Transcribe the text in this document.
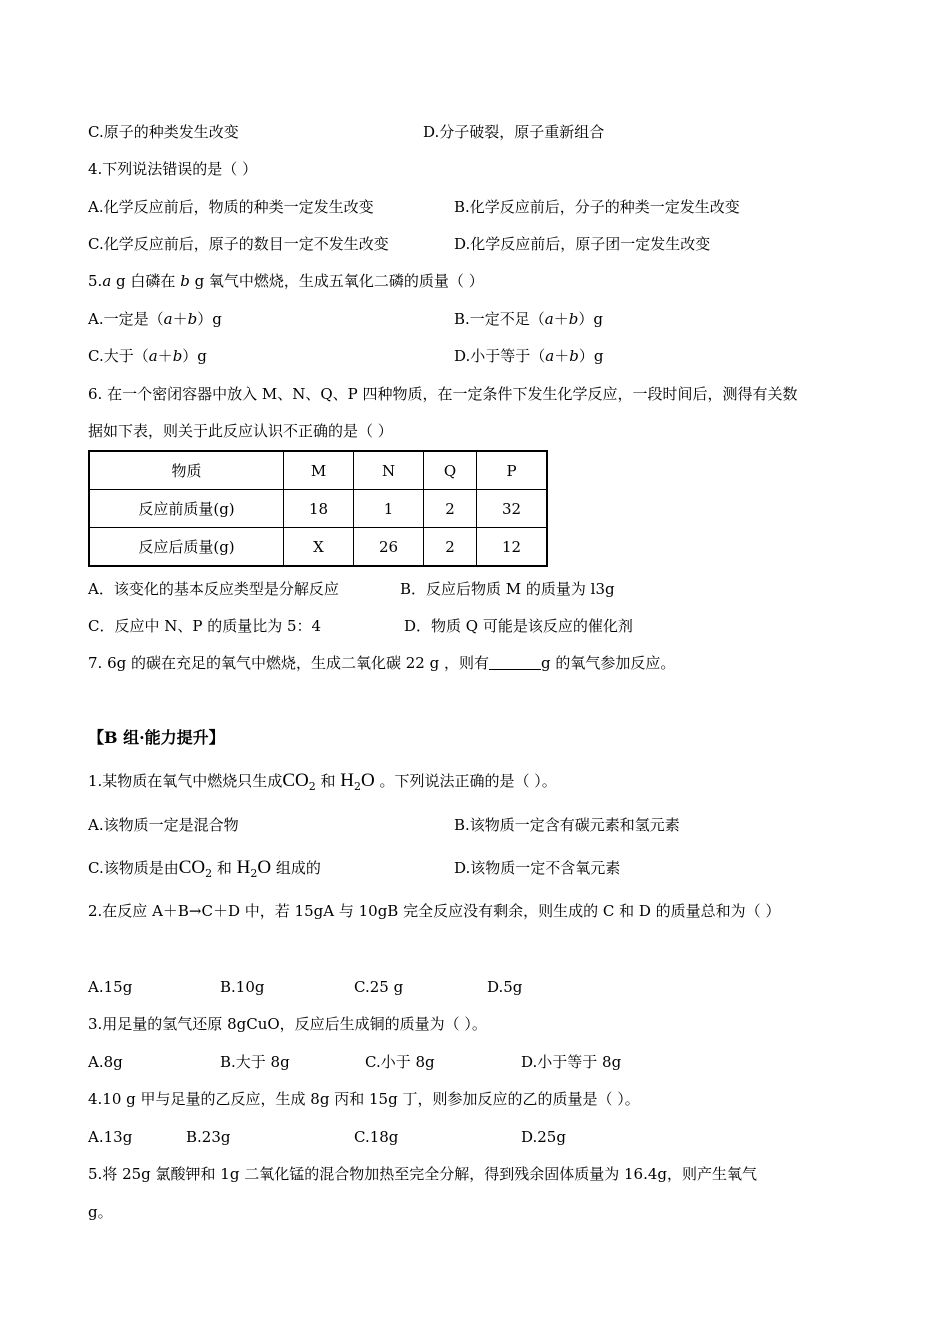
C.原子的种类发生改变	D.分子破裂，原子重新组合
4.下列说法错误的是（ ）
A.化学反应前后，物质的种类一定发生改变	B.化学反应前后，分子的种类一定发生改变
C.化学反应前后，原子的数目一定不发生改变	D.化学反应前后，原子团一定发生改变
5.a g 白磷在 b g 氧气中燃烧，生成五氧化二磷的质量（ ）
A.一定是（a＋b）g	B.一定不足（a＋b）g
C.大于（a＋b）g	D.小于等于（a＋b）g
6. 在一个密闭容器中放入 M、N、Q、P 四种物质，在一定条件下发生化学反应，一段时间后，测得有关数
据如下表，则关于此反应认识不正确的是（ ）
物质	M	N	Q	P
反应前质量(g)	18	1	2	32
反应后质量(g)	X	26	2	12
A．该变化的基本反应类型是分解反应	B．反应后物质 M 的质量为 l3g
C．反应中 N、P 的质量比为 5：4	D．物质 Q 可能是该反应的催化剂
7. 6g 的碳在充足的氧气中燃烧，生成二氧化碳 22 g ，则有	g 的氧气参加反应。
【B 组·能力提升】
1.某物质在氧气中燃烧只生成$CO_2$ 和 $H_2O$ 。下列说法正确的是（ ）。
A.该物质一定是混合物	B.该物质一定含有碳元素和氢元素
C.该物质是由$CO_2$ 和 $H_2O$ 组成的	D.该物质一定不含氧元素
2.在反应 A＋B→C＋D 中，若 15gA 与 10gB 完全反应没有剩余，则生成的 C 和 D 的质量总和为（ ）
A.15g	B.10g	C.25 g	D.5g
3.用足量的氢气还原 8gCuO，反应后生成铜的质量为（ ）。
A.8g	B.大于 8g	C.小于 8g	D.小于等于 8g
4.10 g 甲与足量的乙反应，生成 8g 丙和 15g 丁，则参加反应的乙的质量是（ ）。
A.13g	B.23g	C.18g	D.25g
5.将 25g 氯酸钾和 1g 二氧化锰的混合物加热至完全分解，得到残余固体质量为 16.4g，则产生氧气
g。
